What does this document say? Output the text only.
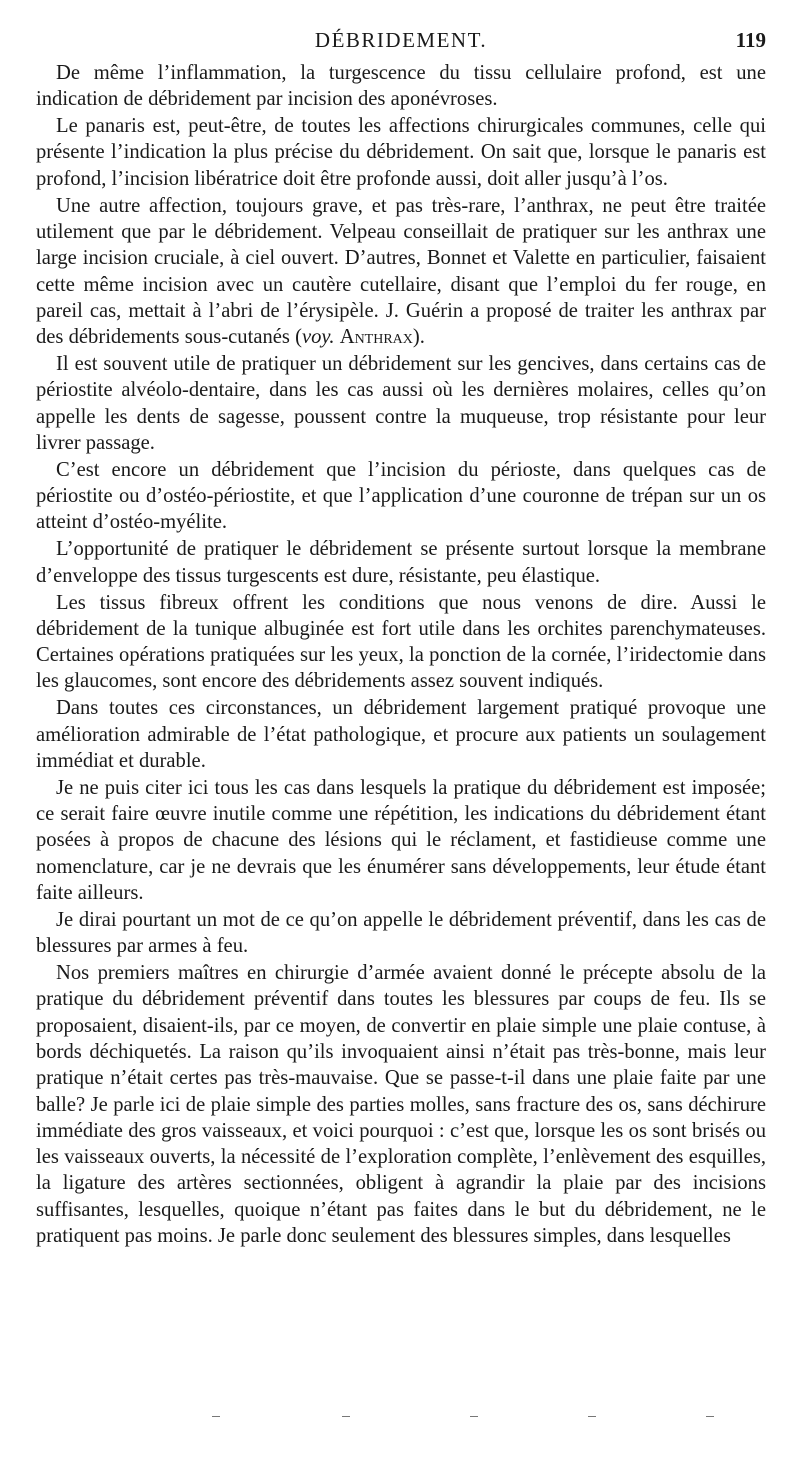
DÉBRIDEMENT.	119

De même l’inflammation, la turgescence du tissu cellulaire profond, est une indication de débridement par incision des aponévroses.

Le panaris est, peut-être, de toutes les affections chirurgicales communes, celle qui présente l’indication la plus précise du débridement. On sait que, lorsque le panaris est profond, l’incision libératrice doit être profonde aussi, doit aller jusqu’à l’os.

Une autre affection, toujours grave, et pas très-rare, l’anthrax, ne peut être traitée utilement que par le débridement. Velpeau conseillait de pratiquer sur les anthrax une large incision cruciale, à ciel ouvert. D’autres, Bonnet et Valette en particulier, faisaient cette même incision avec un cautère cutellaire, disant que l’emploi du fer rouge, en pareil cas, mettait à l’abri de l’érysipèle. J. Guérin a proposé de traiter les anthrax par des débridements sous-cutanés (voy. Anthrax).

Il est souvent utile de pratiquer un débridement sur les gencives, dans certains cas de périostite alvéolo-dentaire, dans les cas aussi où les dernières molaires, celles qu’on appelle les dents de sagesse, poussent contre la muqueuse, trop résistante pour leur livrer passage.

C’est encore un débridement que l’incision du périoste, dans quelques cas de périostite ou d’ostéo-périostite, et que l’application d’une couronne de trépan sur un os atteint d’ostéo-myélite.

L’opportunité de pratiquer le débridement se présente surtout lorsque la membrane d’enveloppe des tissus turgescents est dure, résistante, peu élastique.

Les tissus fibreux offrent les conditions que nous venons de dire. Aussi le débridement de la tunique albuginée est fort utile dans les orchites parenchymateuses. Certaines opérations pratiquées sur les yeux, la ponction de la cornée, l’iridectomie dans les glaucomes, sont encore des débridements assez souvent indiqués.

Dans toutes ces circonstances, un débridement largement pratiqué provoque une amélioration admirable de l’état pathologique, et procure aux patients un soulagement immédiat et durable.

Je ne puis citer ici tous les cas dans lesquels la pratique du débridement est imposée; ce serait faire œuvre inutile comme une répétition, les indications du débridement étant posées à propos de chacune des lésions qui le réclament, et fastidieuse comme une nomenclature, car je ne devrais que les énumérer sans développements, leur étude étant faite ailleurs.

Je dirai pourtant un mot de ce qu’on appelle le débridement préventif, dans les cas de blessures par armes à feu.

Nos premiers maîtres en chirurgie d’armée avaient donné le précepte absolu de la pratique du débridement préventif dans toutes les blessures par coups de feu. Ils se proposaient, disaient-ils, par ce moyen, de convertir en plaie simple une plaie contuse, à bords déchiquetés. La raison qu’ils invoquaient ainsi n’était pas très-bonne, mais leur pratique n’était certes pas très-mauvaise. Que se passe-t-il dans une plaie faite par une balle? Je parle ici de plaie simple des parties molles, sans fracture des os, sans déchirure immédiate des gros vaisseaux, et voici pourquoi : c’est que, lorsque les os sont brisés ou les vaisseaux ouverts, la nécessité de l’exploration complète, l’enlèvement des esquilles, la ligature des artères sectionnées, obligent à agrandir la plaie par des incisions suffisantes, lesquelles, quoique n’étant pas faites dans le but du débridement, ne le pratiquent pas moins. Je parle donc seulement des blessures simples, dans lesquelles
